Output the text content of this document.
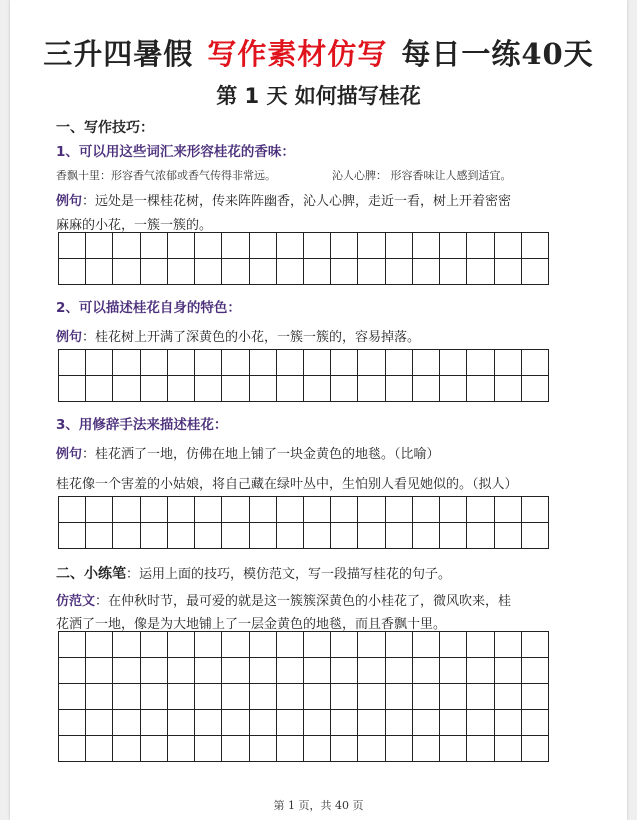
三升四暑假 写作素材仿写 每日一练40天
第 1 天 如何描写桂花
一、写作技巧：
1、可以用这些词汇来形容桂花的香味：
香飘十里：形容香气浓郁或香气传得非常远。	沁人心脾： 形容香味让人感到适宜。
例句：远处是一棵桂花树，传来阵阵幽香，沁人心脾，走近一看，树上开着密密
麻麻的小花，一簇一簇的。
2、可以描述桂花自身的特色：
例句：桂花树上开满了深黄色的小花，一簇一簇的，容易掉落。
3、用修辞手法来描述桂花：
例句：桂花洒了一地，仿佛在地上铺了一块金黄色的地毯。（比喻）
桂花像一个害羞的小姑娘，将自己藏在绿叶丛中，生怕别人看见她似的。（拟人）
二、小练笔：运用上面的技巧，模仿范文，写一段描写桂花的句子。
仿范文：在仲秋时节，最可爱的就是这一簇簇深黄色的小桂花了，微风吹来，桂
花洒了一地，像是为大地铺上了一层金黄色的地毯，而且香飘十里。
第 1 页，共 40 页
